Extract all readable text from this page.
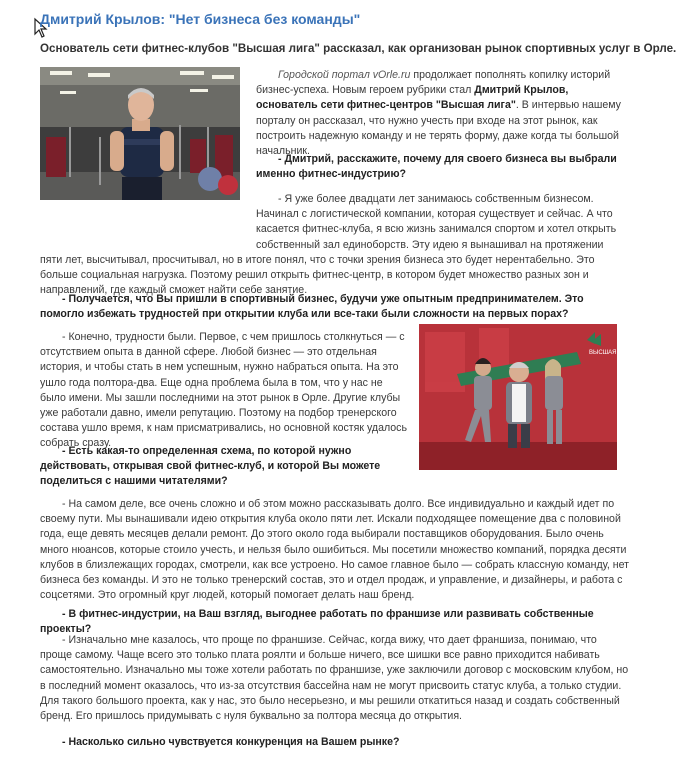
Дмитрий Крылов: "Нет бизнеса без команды"

Основатель сети фитнес-клубов "Высшая лига" рассказал, как организован рынок спортивных услуг в Орле.

Городской портал vOrle.ru продолжает пополнять копилку историй бизнес-успеха. Новым героем рубрики стал Дмитрий Крылов, основатель сети фитнес-центров "Высшая лига". В интервью нашему порталу он рассказал, что нужно учесть при входе на этот рынок, как построить надежную команду и не терять форму, даже когда ты большой начальник.

- Дмитрий, расскажите, почему для своего бизнеса вы выбрали именно фитнес-индустрию?

- Я уже более двадцати лет занимаюсь собственным бизнесом. Начинал с логистической компании, которая существует и сейчас. А что касается фитнес-клуба, я всю жизнь занимался спортом и хотел открыть собственный зал единоборств. Эту идею я вынашивал на протяжении пяти лет, высчитывал, просчитывал, но в итоге понял, что с точки зрения бизнеса это будет нерентабельно. Это больше социальная нагрузка. Поэтому решил открыть фитнес-центр, в котором будет множество разных зон и направлений, где каждый сможет найти себе занятие.

- Получается, что Вы пришли в спортивный бизнес, будучи уже опытным предпринимателем. Это помогло избежать трудностей при открытии клуба или все-таки были сложности на первых порах?

ВЫСШАЯ ЛИГА

- Конечно, трудности были. Первое, с чем пришлось столкнуться — с отсутствием опыта в данной сфере. Любой бизнес — это отдельная история, и чтобы стать в нем успешным, нужно набраться опыта. На это ушло года полтора-два. Еще одна проблема была в том, что у нас не было имени. Мы зашли последними на этот рынок в Орле. Другие клубы уже работали давно, имели репутацию. Поэтому на подбор тренерского состава ушло время, к нам присматривались, но основной костяк удалось собрать сразу.

- Есть какая-то определенная схема, по которой нужно действовать, открывая свой фитнес-клуб, и которой Вы можете поделиться с нашими читателями?

- На самом деле, все очень сложно и об этом можно рассказывать долго. Все индивидуально и каждый идет по своему пути. Мы вынашивали идею открытия клуба около пяти лет. Искали подходящее помещение два с половиной года, еще девять месяцев делали ремонт. До этого около года выбирали поставщиков оборудования. Было очень много нюансов, которые стоило учесть, и нельзя было ошибиться. Мы посетили множество компаний, порядка десяти клубов в близлежащих городах, смотрели, как все устроено. Но самое главное было — собрать классную команду, нет бизнеса без команды. И это не только тренерский состав, это и отдел продаж, и управление, и дизайнеры, и работа с соцсетями. Это огромный круг людей, который помогает делать наш бренд.

- В фитнес-индустрии, на Ваш взгляд, выгоднее работать по франшизе или развивать собственные проекты?

- Изначально мне казалось, что проще по франшизе. Сейчас, когда вижу, что дает франшиза, понимаю, что проще самому. Чаще всего это только плата роялти и больше ничего, все шишки все равно приходится набивать самостоятельно. Изначально мы тоже хотели работать по франшизе, уже заключили договор с московским клубом, но в последний момент оказалось, что из-за отсутствия бассейна нам не могут присвоить статус клуба, а только студии. Для такого большого проекта, как у нас, это было несерьезно, и мы решили откатиться назад и создать собственный бренд. Его пришлось придумывать с нуля буквально за полтора месяца до открытия.

- Насколько сильно чувствуется конкуренция на Вашем рынке?
